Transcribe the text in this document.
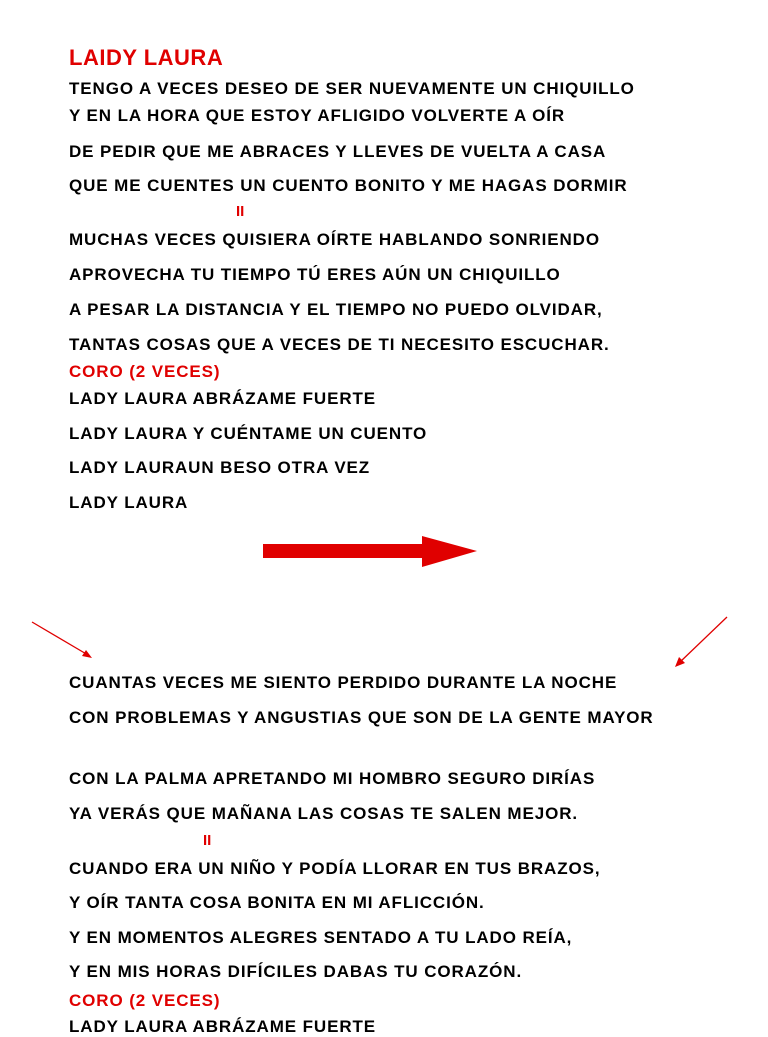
LAIDY LAURA
TENGO A VECES DESEO DE SER NUEVAMENTE UN CHIQUILLO
Y EN LA HORA QUE ESTOY AFLIGIDO VOLVERTE A OÍR
DE PEDIR QUE ME ABRACES Y LLEVES DE VUELTA A CASA
QUE ME CUENTES UN CUENTO BONITO Y ME HAGAS DORMIR
II
MUCHAS VECES QUISIERA OÍRTE HABLANDO SONRIENDO
APROVECHA TU TIEMPO TÚ ERES AÚN UN CHIQUILLO
A PESAR LA DISTANCIA Y EL TIEMPO NO PUEDO OLVIDAR,
TANTAS COSAS QUE A VECES DE TI NECESITO ESCUCHAR.
CORO (2 VECES)
LADY LAURA ABRÁZAME FUERTE
LADY LAURA Y CUÉNTAME UN CUENTO
LADY LAURAUN BESO OTRA VEZ
LADY LAURA
CUANTAS VECES ME SIENTO PERDIDO DURANTE LA NOCHE
CON PROBLEMAS Y ANGUSTIAS QUE SON DE LA GENTE MAYOR
CON LA PALMA APRETANDO MI HOMBRO SEGURO DIRÍAS
YA VERÁS QUE MAÑANA LAS COSAS TE SALEN MEJOR.
II
CUANDO ERA UN NIÑO Y PODÍA LLORAR EN TUS BRAZOS,
Y OÍR TANTA COSA BONITA EN MI AFLICCIÓN.
Y EN MOMENTOS ALEGRES SENTADO A TU LADO REÍA,
Y EN MIS HORAS DIFÍCILES DABAS TU CORAZÓN.
CORO (2 VECES)
LADY LAURA ABRÁZAME FUERTE
